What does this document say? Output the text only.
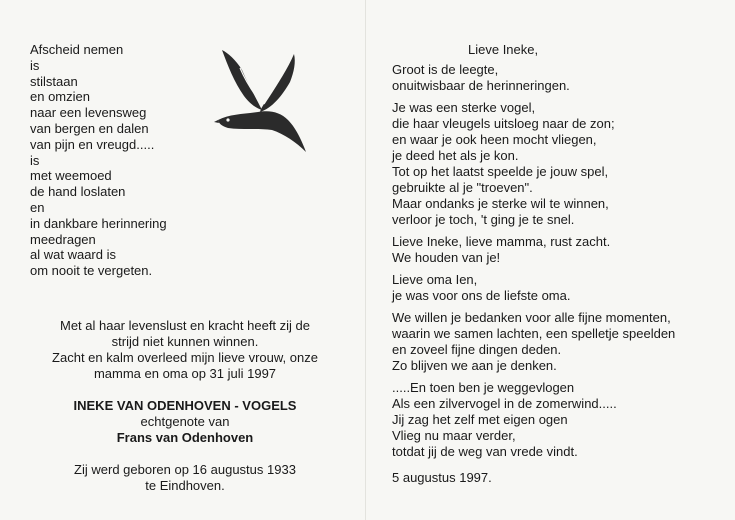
Afscheid nemen
is
stilstaan
en omzien
naar een levensweg
van bergen en dalen
van pijn en vreugd.....
is
met weemoed
de hand loslaten
en
in dankbare herinnering
meedragen
al wat waard is
om nooit te vergeten.
Met al haar levenslust en kracht heeft zij de
strijd niet kunnen winnen.
Zacht en kalm overleed mijn lieve vrouw, onze
mamma en oma op 31 juli 1997
INEKE VAN ODENHOVEN - VOGELS
echtgenote van
Frans van Odenhoven
Zij werd geboren op 16 augustus 1933
te Eindhoven.
Lieve Ineke,
Groot is de leegte,
onuitwisbaar de herinneringen.
Je was een sterke vogel,
die haar vleugels uitsloeg naar de zon;
en waar je ook heen mocht vliegen,
je deed het als je kon.
Tot op het laatst speelde je jouw spel,
gebruikte al je "troeven".
Maar ondanks je sterke wil te winnen,
verloor je toch, 't ging je te snel.
Lieve Ineke, lieve mamma, rust zacht.
We houden van je!
Lieve oma Ien,
je was voor ons de liefste oma.
We willen je bedanken voor alle fijne momenten,
waarin we samen lachten, een spelletje speelden
en zoveel fijne dingen deden.
Zo blijven we aan je denken.
.....En toen ben je weggevlogen
Als een zilvervogel in de zomerwind.....
Jij zag het zelf met eigen ogen
Vlieg nu maar verder,
totdat jij de weg van vrede vindt.
5 augustus 1997.
